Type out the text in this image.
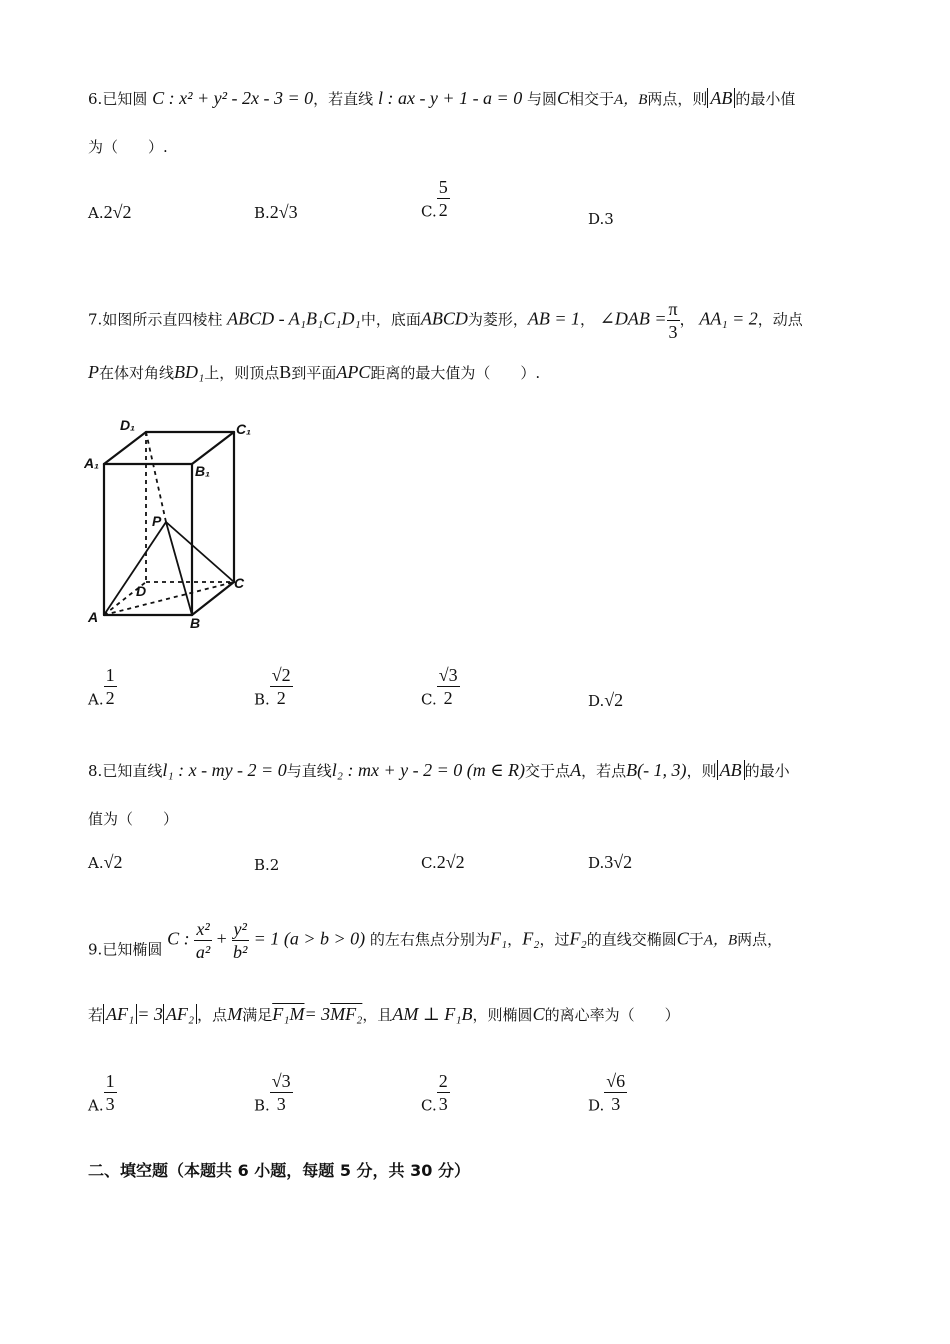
6.已知圆 C : x² + y² - 2x - 3 = 0，若直线 l : ax - y + 1 - a = 0 与圆C相交于A，B两点，则 AB 的最小值
为（　　）.
A.2√2	B.2√3	C. $\frac{5}{2}$	D.3
7.如图所示直四棱柱 ABCD - A₁B₁C₁D₁中，底面ABCD为菱形，AB = 1， ∠DAB = $\frac{\pi}{3}$ ， AA₁ = 2，动点
P在体对角线BD₁上，则顶点B到平面APC距离的最大值为（　　）.
D₁	C₁
A₁	B₁
P
D	C
A	B
A. $\frac{1}{2}$	B. $\frac{√2}{2}$	C. $\frac{√3}{2}$	D.√2
8.已知直线l₁ : x - my - 2 = 0与直线l₂ : mx + y - 2 = 0 (m ∈ R)交于点A，若点B(- 1, 3)，则 AB 的最小
值为（　　）
A.√2	B.2	C.2√2	D.3√2
9.已知椭圆 C : $\frac{\text{x²}}{\text{a²}} + \frac{\text{y²}}{\text{b²}} = 1$ (a > b > 0) 的左右焦点分别为F₁，F₂，过F₂的直线交椭圆C于A，B两点，
若 AF₁ = 3 AF₂ ，点M满足F₁M= 3MF₂，且AM ⊥ F₁B，则椭圆C的离心率为（　　）
A. $\frac{1}{3}$	B. $\frac{√3}{3}$	C. $\frac{2}{3}$	D. $\frac{√6}{3}$
二、填空题（本题共 6 小题，每题 5 分，共 30 分）
